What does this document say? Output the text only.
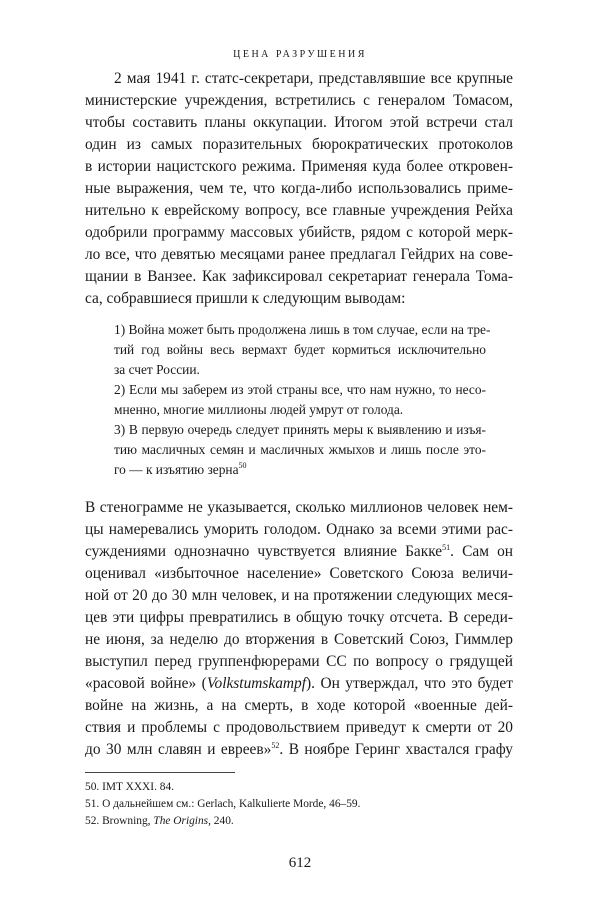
ЦЕНА РАЗРУШЕНИЯ
2 мая 1941 г. статс-секретари, представлявшие все крупные
министерские учреждения, встретились с генералом Томасом,
чтобы составить планы оккупации. Итогом этой встречи стал
один из самых поразительных бюрократических протоколов
в истории нацистского режима. Применяя куда более откровен-
ные выражения, чем те, что когда-либо использовались приме-
нительно к еврейскому вопросу, все главные учреждения Рейха
одобрили программу массовых убийств, рядом с которой мерк-
ло все, что девятью месяцами ранее предлагал Гейдрих на сове-
щании в Ванзее. Как зафиксировал секретариат генерала Тома-
са, собравшиеся пришли к следующим выводам:
1) Война может быть продолжена лишь в том случае, если на тре-
тий год войны весь вермахт будет кормиться исключительно
за счет России.
2) Если мы заберем из этой страны все, что нам нужно, то несо-
мненно, многие миллионы людей умрут от голода.
3) В первую очередь следует принять меры к выявлению и изъя-
тию масличных семян и масличных жмыхов и лишь после это-
го — к изъятию зерна$^{50}$
В стенограмме не указывается, сколько миллионов человек нем-
цы намеревались уморить голодом. Однако за всеми этими рас-
суждениями однозначно чувствуется влияние Бакке$^{51}$. Сам он
оценивал «избыточное население» Советского Союза величи-
ной от 20 до 30 млн человек, и на протяжении следующих меся-
цев эти цифры превратились в общую точку отсчета. В середи-
не июня, за неделю до вторжения в Советский Союз, Гиммлер
выступил перед группенфюрерами СС по вопросу о грядущей
«расовой войне» (Volkstumskampf). Он утверждал, что это будет
войне на жизнь, а на смерть, в ходе которой «военные дей-
ствия и проблемы с продовольствием приведут к смерти от 20
до 30 млн славян и евреев»$^{52}$. В ноябре Геринг хвастался графу
50. IMT XXXI. 84.
51. О дальнейшем см.: Gerlach, Kalkulierte Morde, 46–59.
52. Browning, The Origins, 240.
612
